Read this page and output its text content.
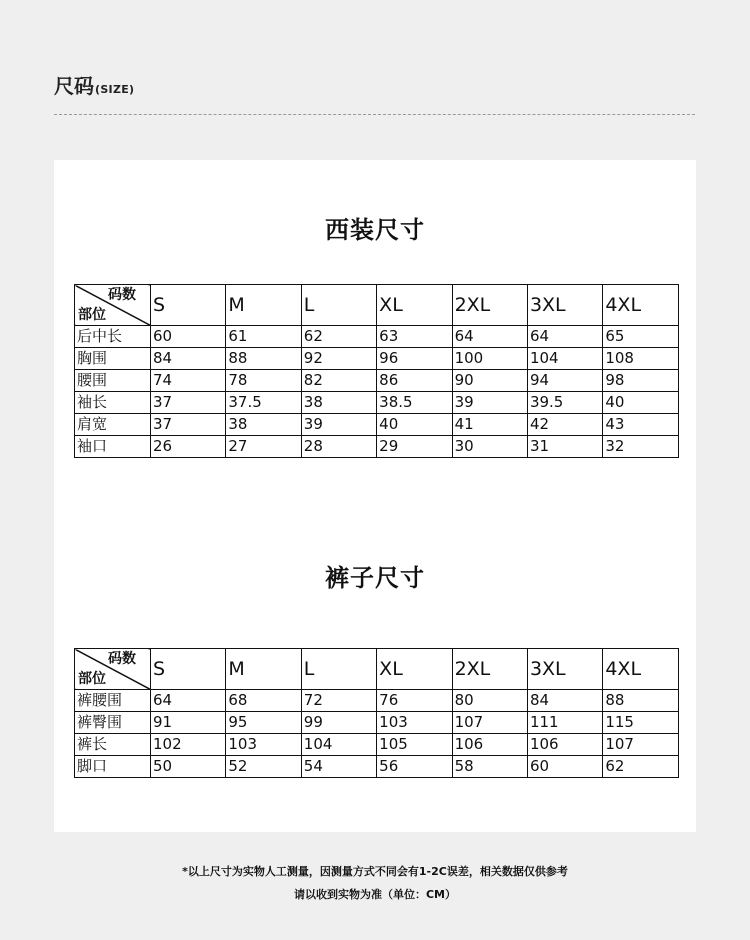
尺码(SIZE)
西装尺寸
码数
部位	S	M	L	XL	2XL	3XL	4XL
后中长	60	61	62	63	64	64	65
胸围	84	88	92	96	100	104	108
腰围	74	78	82	86	90	94	98
袖长	37	37.5	38	38.5	39	39.5	40
肩宽	37	38	39	40	41	42	43
袖口	26	27	28	29	30	31	32
裤子尺寸
码数
部位	S	M	L	XL	2XL	3XL	4XL
裤腰围	64	68	72	76	80	84	88
裤臀围	91	95	99	103	107	111	115
裤长	102	103	104	105	106	106	107
脚口	50	52	54	56	58	60	62
*以上尺寸为实物人工测量，因测量方式不同会有1-2C误差，相关数据仅供参考
请以收到实物为准（单位：CM）
